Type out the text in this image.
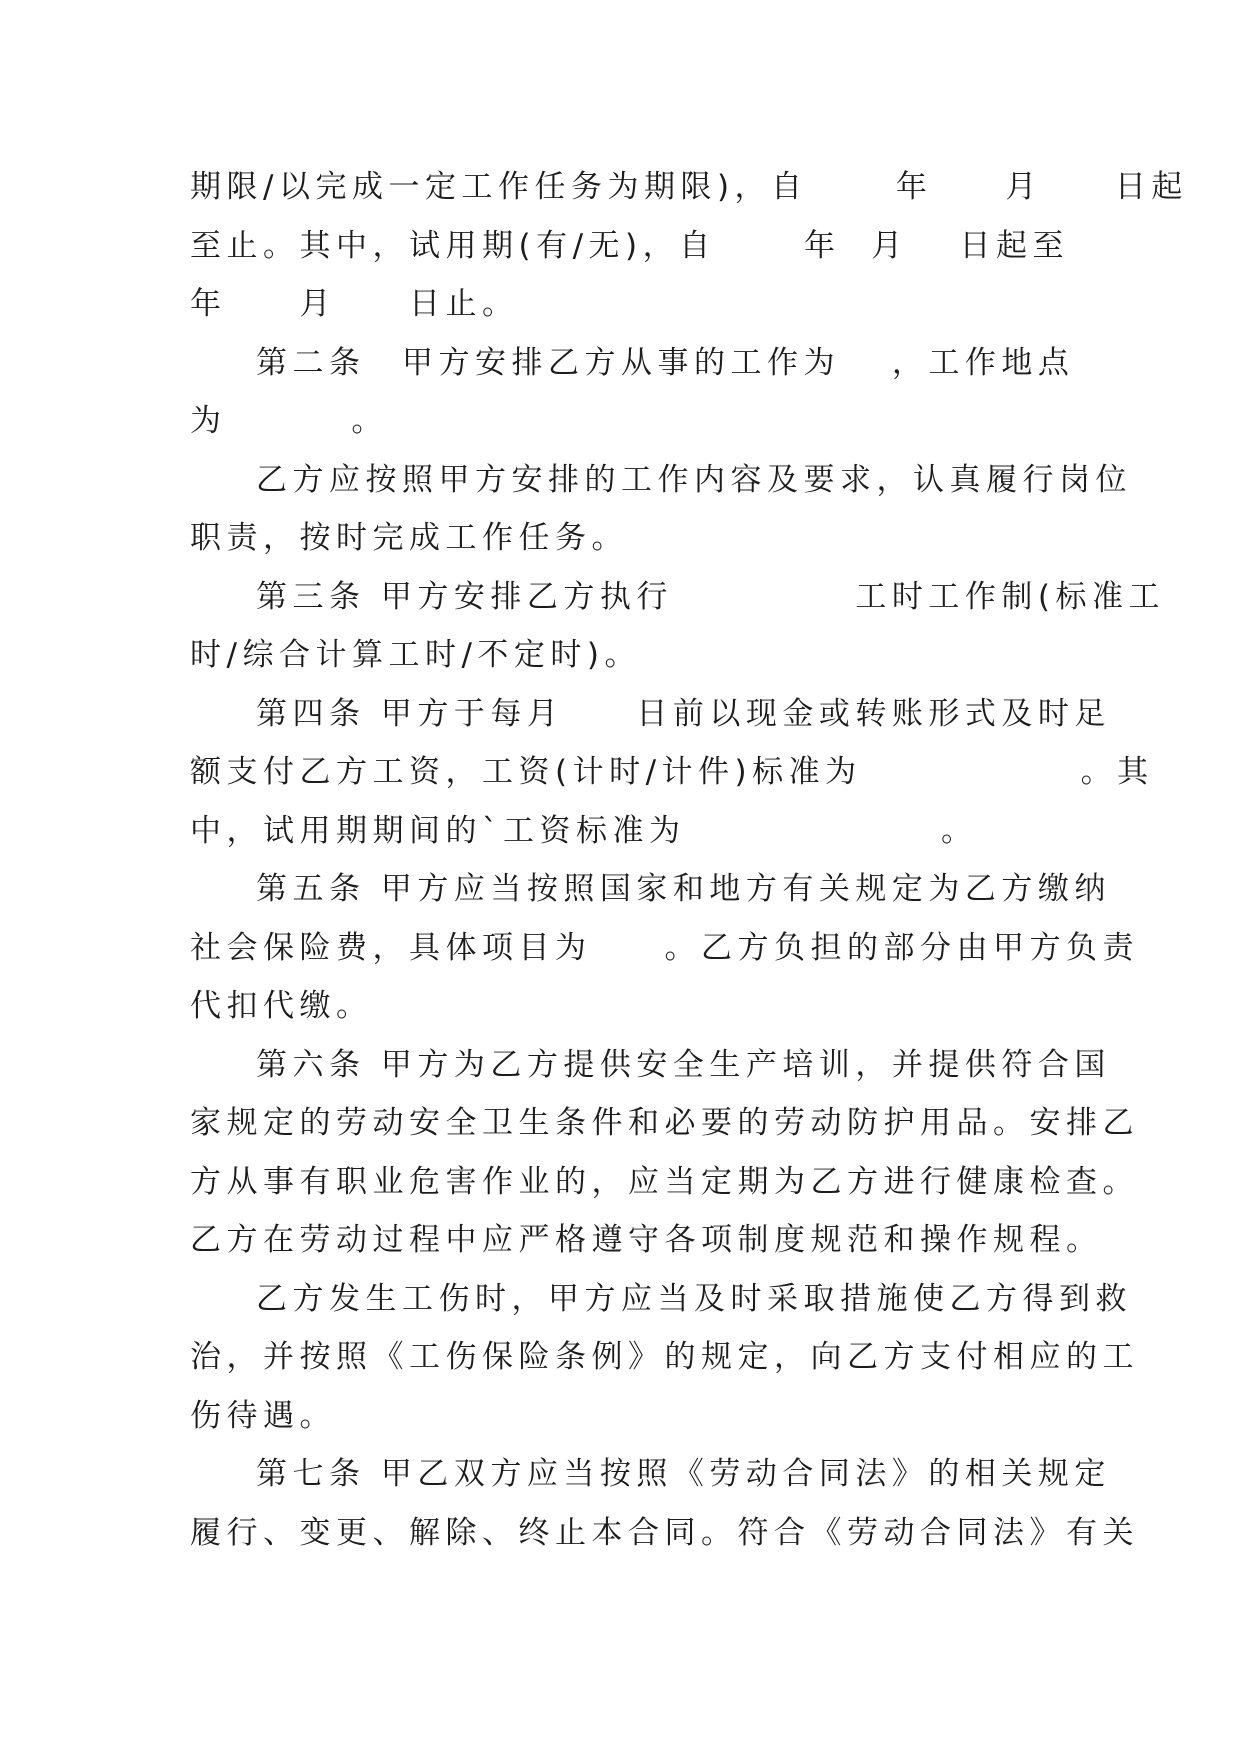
期限/以完成一定工作任务为期限)，自　　 年　　月　　日起
至止。其中，试用期(有/无)，自　　 年  月　 日起至
年　　月　　日止。
第二条　甲方安排乙方从事的工作为　 ，工作地点
为　　　 。
乙方应按照甲方安排的工作内容及要求，认真履行岗位
职责，按时完成工作任务。
第三条 甲方安排乙方执行　　　　　工时工作制(标准工
时/综合计算工时/不定时)。
第四条 甲方于每月　　日前以现金或转账形式及时足
额支付乙方工资，工资(计时/计件)标准为　　　　　　。其
中，试用期期间的`工资标准为　　　　　　　。
第五条 甲方应当按照国家和地方有关规定为乙方缴纳
社会保险费，具体项目为　　。乙方负担的部分由甲方负责
代扣代缴。
第六条 甲方为乙方提供安全生产培训，并提供符合国
家规定的劳动安全卫生条件和必要的劳动防护用品。安排乙
方从事有职业危害作业的，应当定期为乙方进行健康检查。
乙方在劳动过程中应严格遵守各项制度规范和操作规程。
乙方发生工伤时，甲方应当及时采取措施使乙方得到救
治，并按照《工伤保险条例》的规定，向乙方支付相应的工
伤待遇。
第七条 甲乙双方应当按照《劳动合同法》的相关规定
履行、变更、解除、终止本合同。符合《劳动合同法》有关
